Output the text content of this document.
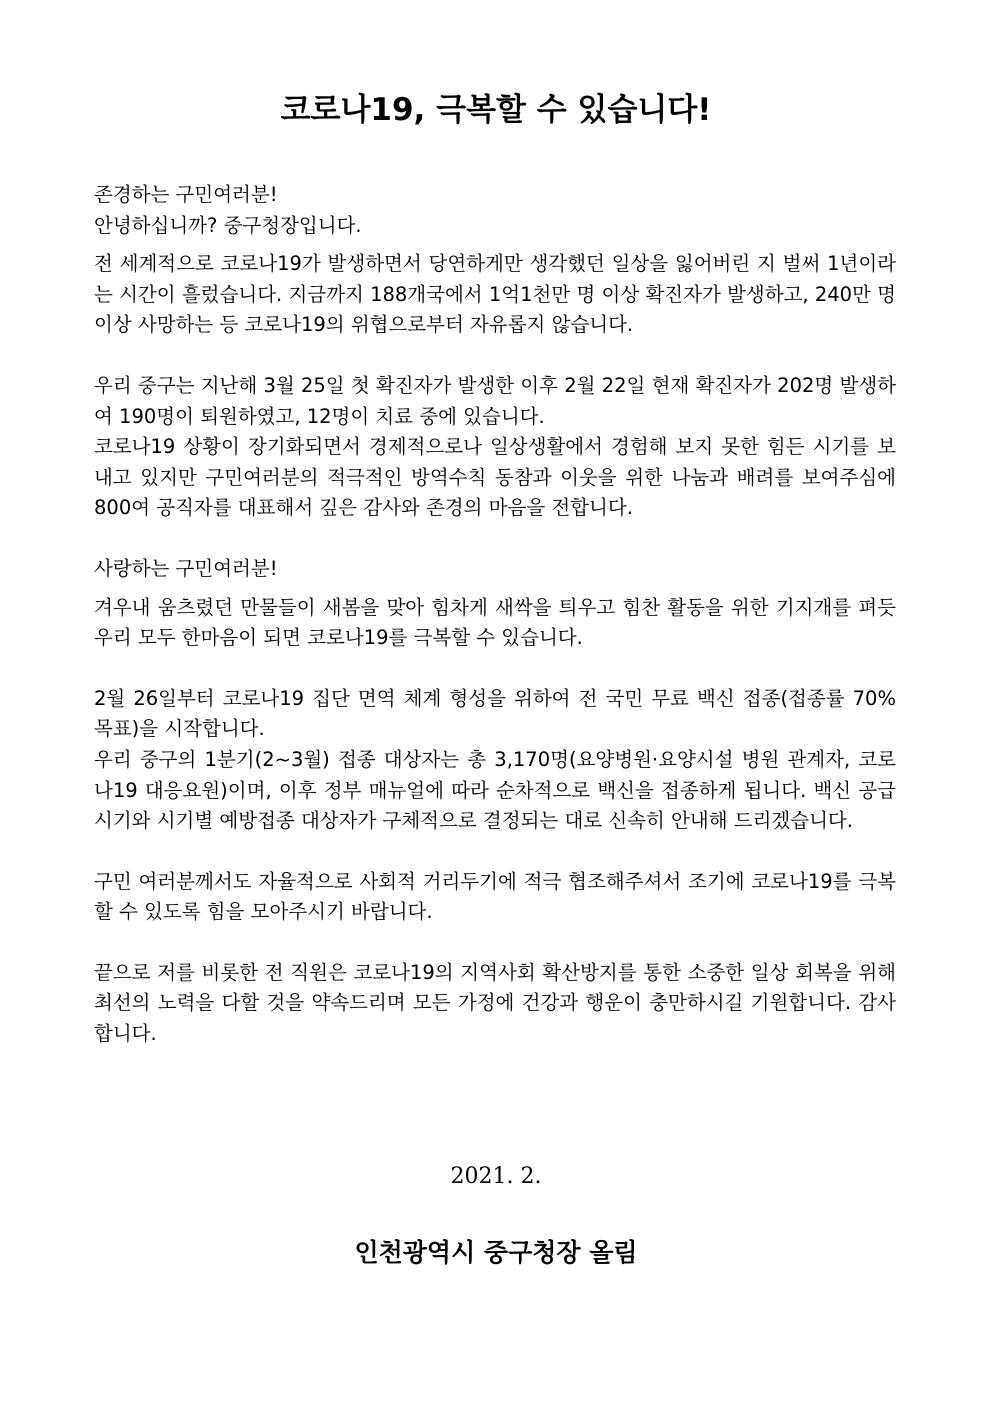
코로나19, 극복할 수 있습니다!

존경하는 구민여러분!

안녕하십니까? 중구청장입니다.

전 세계적으로 코로나19가 발생하면서 당연하게만 생각했던 일상을 잃어버린 지 벌써 1년이라는 시간이 흘렀습니다. 지금까지 188개국에서 1억1천만 명 이상 확진자가 발생하고, 240만 명 이상 사망하는 등 코로나19의 위협으로부터 자유롭지 않습니다.

우리 중구는 지난해 3월 25일 첫 확진자가 발생한 이후 2월 22일 현재 확진자가 202명 발생하여 190명이 퇴원하였고, 12명이 치료 중에 있습니다.

코로나19 상황이 장기화되면서 경제적으로나 일상생활에서 경험해 보지 못한 힘든 시기를 보내고 있지만 구민여러분의 적극적인 방역수칙 동참과 이웃을 위한 나눔과 배려를 보여주심에 800여 공직자를 대표해서 깊은 감사와 존경의 마음을 전합니다.

사랑하는 구민여러분!

겨우내 움츠렸던 만물들이 새봄을 맞아 힘차게 새싹을 틔우고 힘찬 활동을 위한 기지개를 펴듯 우리 모두 한마음이 되면 코로나19를 극복할 수 있습니다.

2월 26일부터 코로나19 집단 면역 체계 형성을 위하여 전 국민 무료 백신 접종(접종률 70% 목표)을 시작합니다.

우리 중구의 1분기(2~3월) 접종 대상자는 총 3,170명(요양병원·요양시설 병원 관계자, 코로나19 대응요원)이며, 이후 정부 매뉴얼에 따라 순차적으로 백신을 접종하게 됩니다. 백신 공급 시기와 시기별 예방접종 대상자가 구체적으로 결정되는 대로 신속히 안내해 드리겠습니다.

구민 여러분께서도 자율적으로 사회적 거리두기에 적극 협조해주셔서 조기에 코로나19를 극복할 수 있도록 힘을 모아주시기 바랍니다.

끝으로 저를 비롯한 전 직원은 코로나19의 지역사회 확산방지를 통한 소중한 일상 회복을 위해 최선의 노력을 다할 것을 약속드리며 모든 가정에 건강과 행운이 충만하시길 기원합니다. 감사합니다.

2021. 2.
인천광역시 중구청장 올림
